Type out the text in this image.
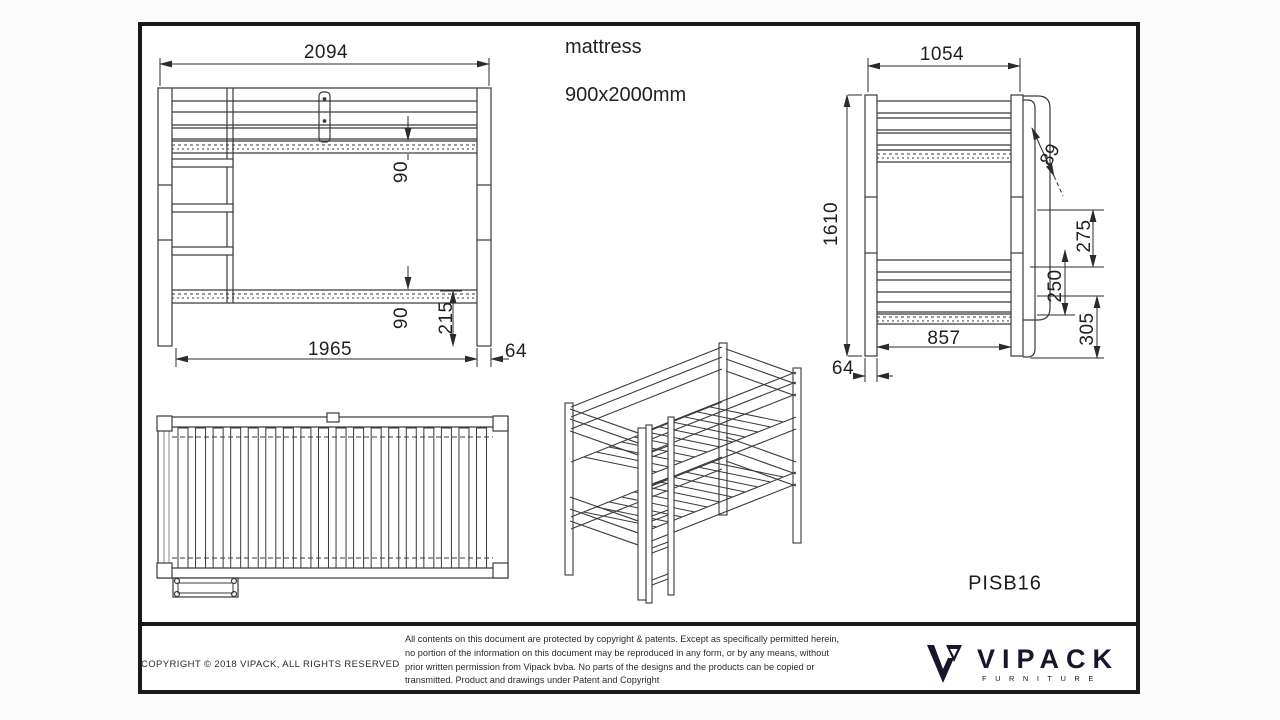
2094
90
90 215
1965	64
1054
1610
89
275
250
305
857
64
mattress

900x2000mm

PISB16
COPYRIGHT © 2018 VIPACK, ALL RIGHTS RESERVED
All contents on this document are protected by copyright & patents. Except as specifically permitted herein,
no portion of the information on this document may be reproduced in any form, or by any means, without
prior written permission from Vipack bvba. No parts of the designs and the products can be copied or
transmitted. Product and drawings under Patent and Copyright
VIPACK
FURNITURE
